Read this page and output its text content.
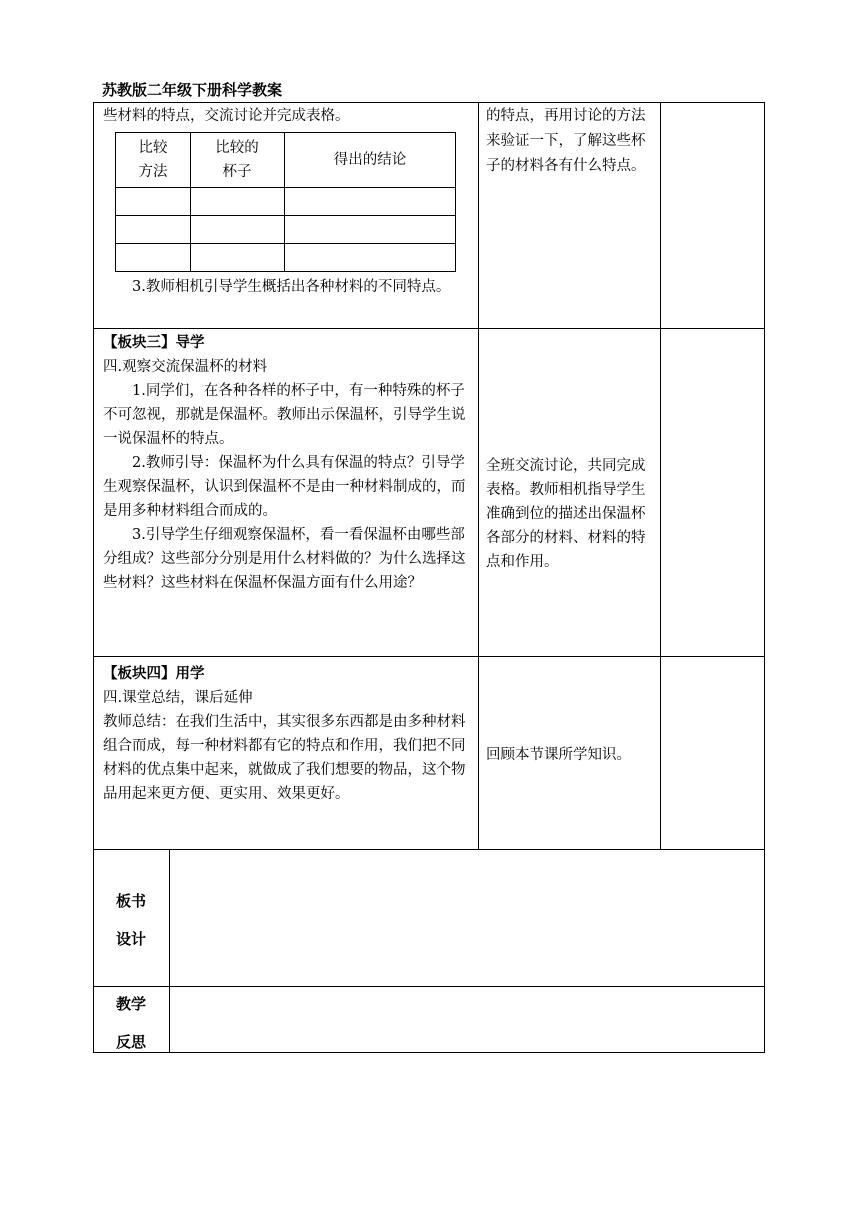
苏教版二年级下册科学教案
些材料的特点，交流讨论并完成表格。
比较方法
比较的杯子
得出的结论

3.教师相机引导学生概括出各种材料的不同特点。

的特点，再用讨论的方法来验证一下，了解这些杯子的材料各有什么特点。

【板块三】导学

四.观察交流保温杯的材料

1.同学们，在各种各样的杯子中，有一种特殊的杯子不可忽视，那就是保温杯。教师出示保温杯，引导学生说一说保温杯的特点。

2.教师引导：保温杯为什么具有保温的特点？引导学生观察保温杯，认识到保温杯不是由一种材料制成的，而是用多种材料组合而成的。

3.引导学生仔细观察保温杯，看一看保温杯由哪些部分组成？这些部分分别是用什么材料做的？为什么选择这些材料？这些材料在保温杯保温方面有什么用途？

全班交流讨论，共同完成表格。教师相机指导学生准确到位的描述出保温杯各部分的材料、材料的特点和作用。

【板块四】用学

四.课堂总结，课后延伸

教师总结：在我们生活中，其实很多东西都是由多种材料组合而成，每一种材料都有它的特点和作用，我们把不同材料的优点集中起来，就做成了我们想要的物品，这个物品用起来更方便、更实用、效果更好。

回顾本节课所学知识。
板书
设计
教学
反思
